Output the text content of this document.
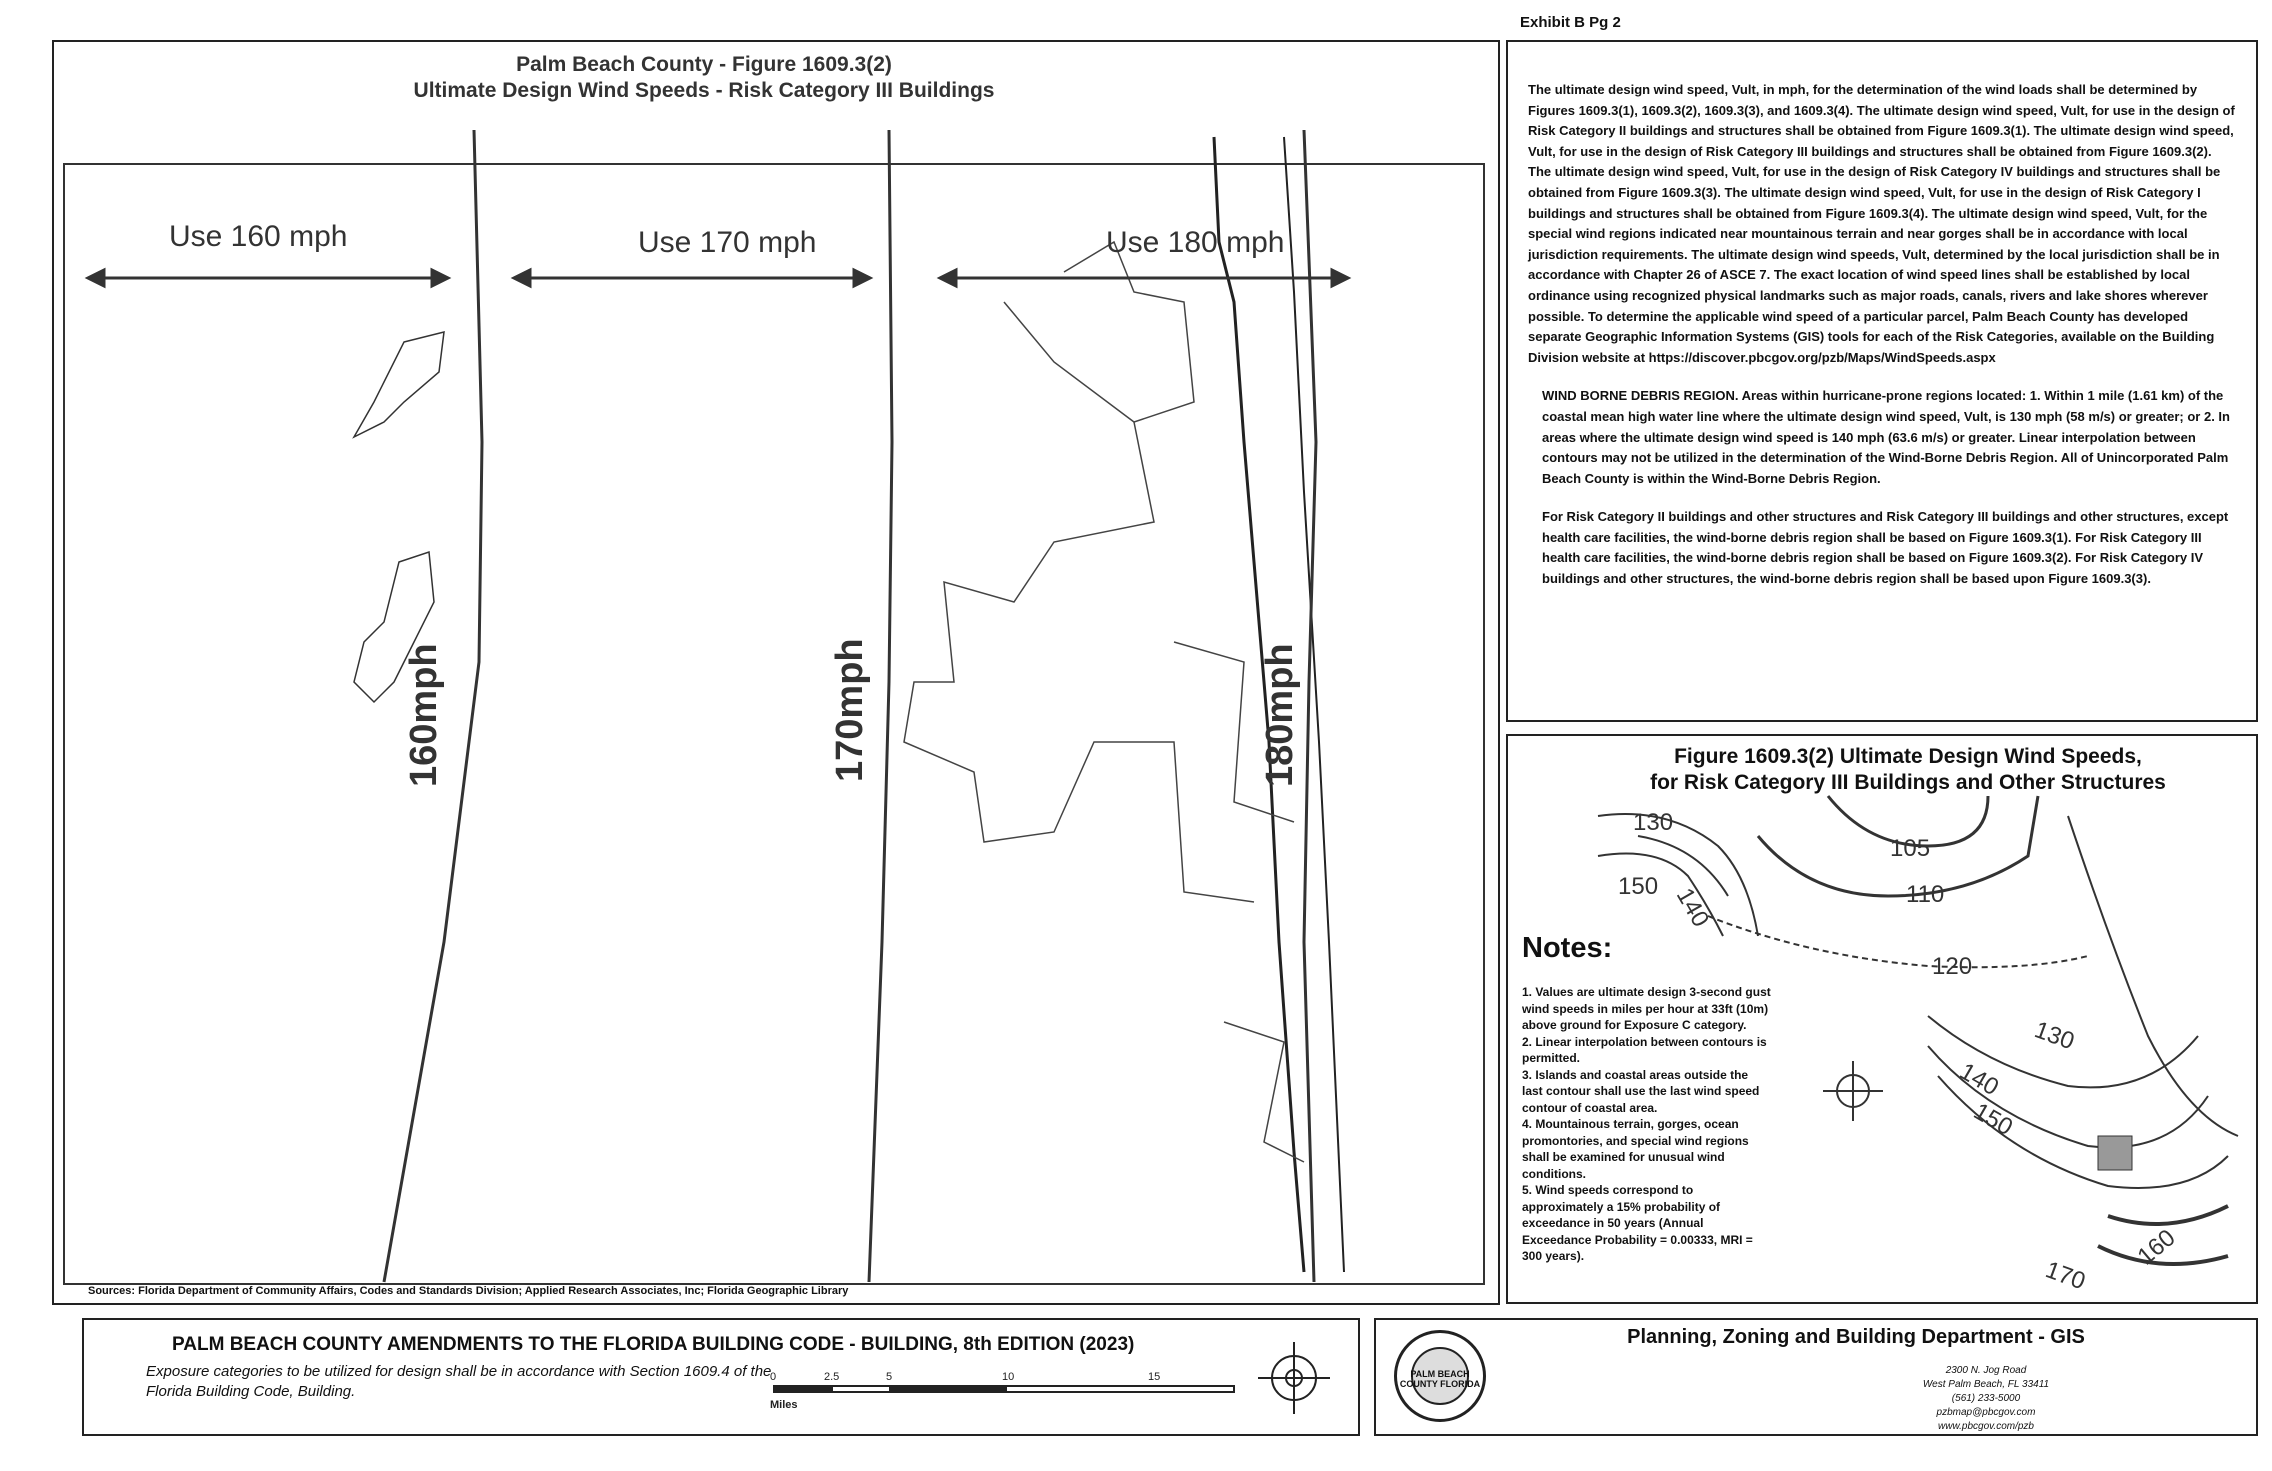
Exhibit B Pg 2
Palm Beach County - Figure 1609.3(2)
Ultimate Design Wind Speeds - Risk Category III Buildings
Use 160 mph	Use 170 mph	Use 180 mph
160mph	170mph	180mph
Sources: Florida Department of Community Affairs, Codes and Standards Division; Applied Research Associates, Inc; Florida Geographic Library

The ultimate design wind speed, Vult, in mph, for the determination of the wind loads shall be determined by Figures 1609.3(1), 1609.3(2), 1609.3(3), and 1609.3(4). The ultimate design wind speed, Vult, for use in the design of Risk Category II buildings and structures shall be obtained from Figure 1609.3(1). The ultimate design wind speed, Vult, for use in the design of Risk Category III buildings and structures shall be obtained from Figure 1609.3(2). The ultimate design wind speed, Vult, for use in the design of Risk Category IV buildings and structures shall be obtained from Figure 1609.3(3). The ultimate design wind speed, Vult, for use in the design of Risk Category I buildings and structures shall be obtained from Figure 1609.3(4). The ultimate design wind speed, Vult, for the special wind regions indicated near mountainous terrain and near gorges shall be in accordance with local jurisdiction requirements. The ultimate design wind speeds, Vult, determined by the local jurisdiction shall be in accordance with Chapter 26 of ASCE 7. The exact location of wind speed lines shall be established by local ordinance using recognized physical landmarks such as major roads, canals, rivers and lake shores wherever possible. To determine the applicable wind speed of a particular parcel, Palm Beach County has developed separate Geographic Information Systems (GIS) tools for each of the Risk Categories, available on the Building Division website at https://discover.pbcgov.org/pzb/Maps/WindSpeeds.aspx

WIND BORNE DEBRIS REGION. Areas within hurricane-prone regions located: 1. Within 1 mile (1.61 km) of the coastal mean high water line where the ultimate design wind speed, Vult, is 130 mph (58 m/s) or greater; or 2. In areas where the ultimate design wind speed is 140 mph (63.6 m/s) or greater. Linear interpolation between contours may not be utilized in the determination of the Wind-Borne Debris Region. All of Unincorporated Palm Beach County is within the Wind-Borne Debris Region.

For Risk Category II buildings and other structures and Risk Category III buildings and other structures, except health care facilities, the wind-borne debris region shall be based on Figure 1609.3(1). For Risk Category III health care facilities, the wind-borne debris region shall be based on Figure 1609.3(2). For Risk Category IV buildings and other structures, the wind-borne debris region shall be based upon Figure 1609.3(3).

Figure 1609.3(2) Ultimate Design Wind Speeds,
for Risk Category III Buildings and Other Structures
130
150 140
105
110
120
130
140
150
160
170
Notes:
1. Values are ultimate design 3-second gust wind speeds in miles per hour at 33ft (10m) above ground for Exposure C category.
2. Linear interpolation between contours is permitted.
3. Islands and coastal areas outside the last contour shall use the last wind speed contour of coastal area.
4. Mountainous terrain, gorges, ocean promontories, and special wind regions shall be examined for unusual wind conditions.
5. Wind speeds correspond to approximately a 15% probability of exceedance in 50 years (Annual Exceedance Probability = 0.00333, MRI = 300 years).
PALM BEACH COUNTY AMENDMENTS TO THE FLORIDA BUILDING CODE - BUILDING, 8th EDITION (2023)
Exposure categories to be utilized for design shall be in accordance with Section 1609.4 of the Florida Building Code, Building.
0	2.5	5	10	15
Miles
PALM BEACH COUNTY FLORIDA
Planning, Zoning and Building Department - GIS
2300 N. Jog Road
West Palm Beach, FL 33411
(561) 233-5000
pzbmap@pbcgov.com
www.pbcgov.com/pzb
